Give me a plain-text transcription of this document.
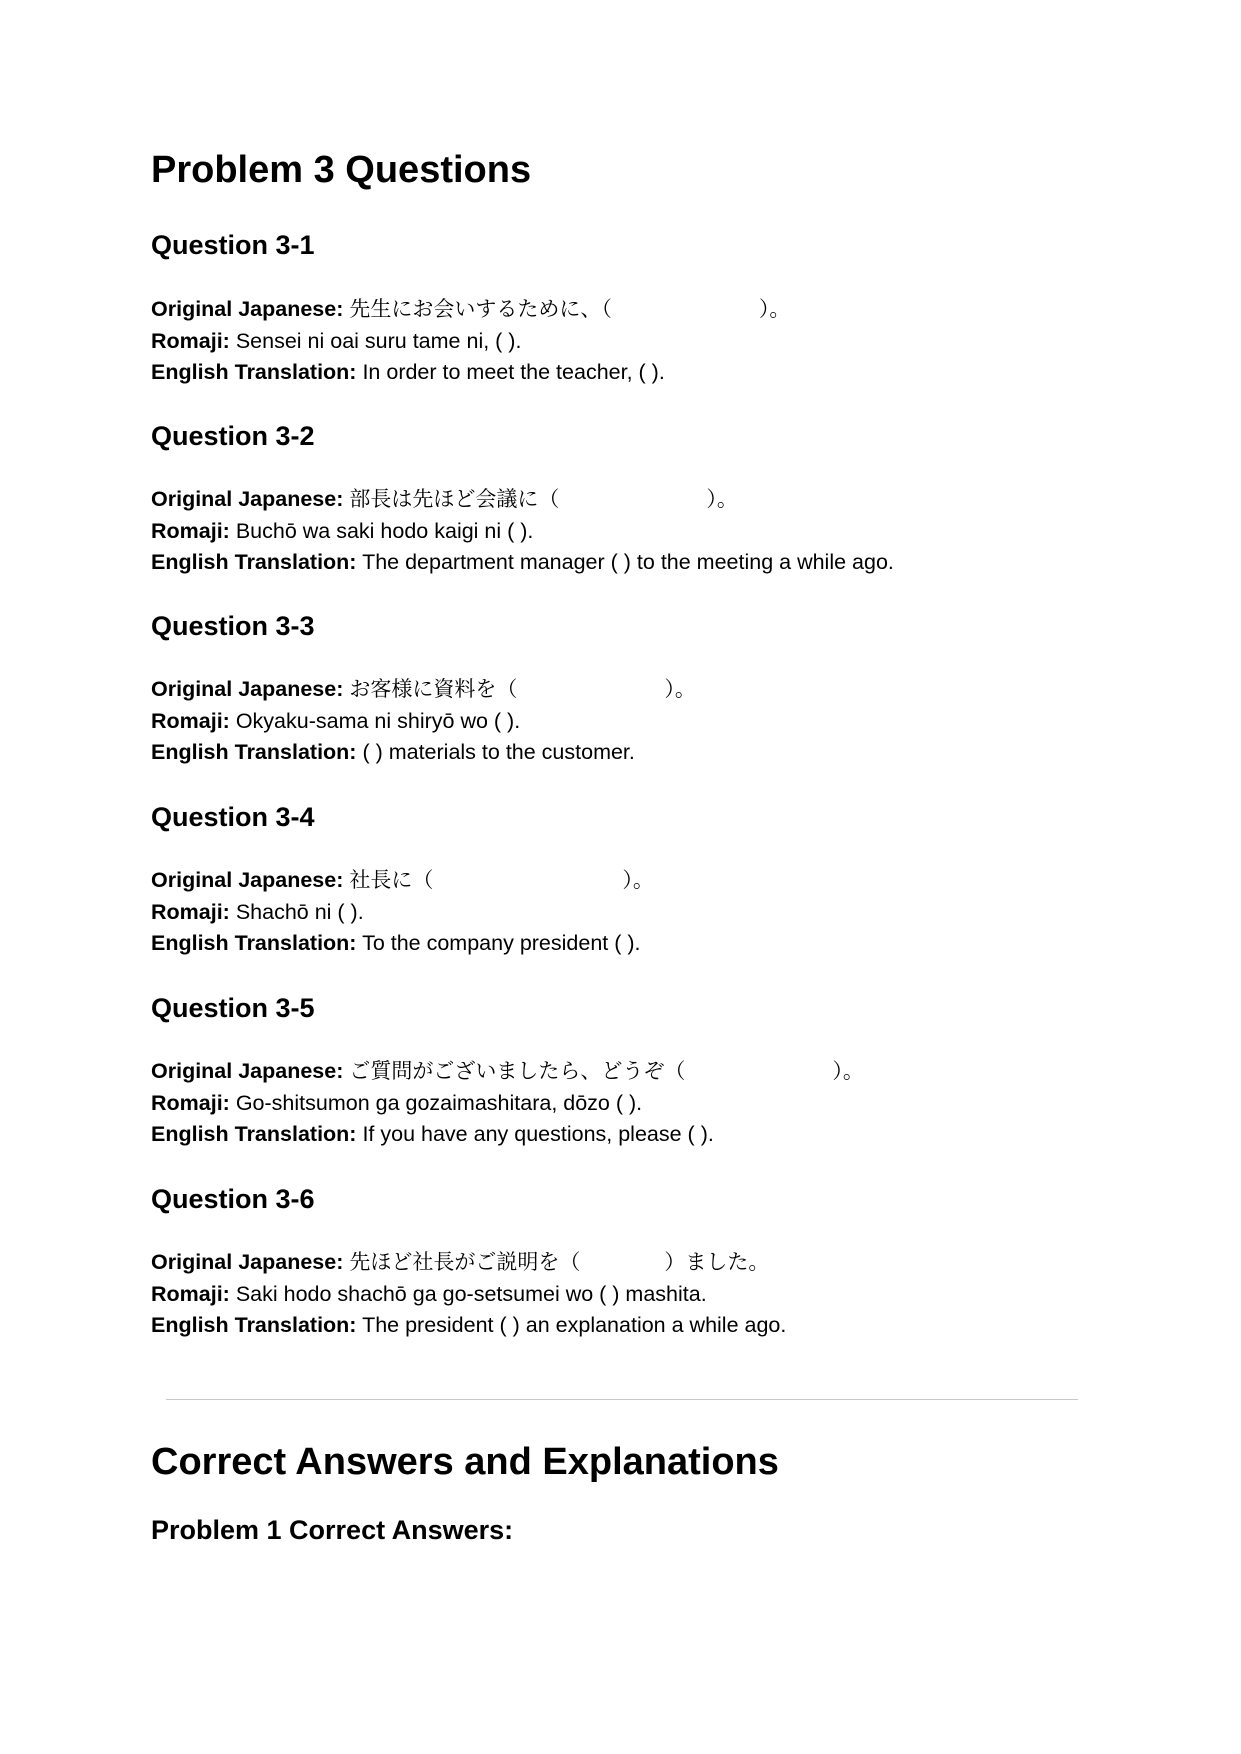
Problem 3 Questions
Question 3-1
Original Japanese: 先生にお会いするために、（　　　　　　　）。
Romaji: Sensei ni oai suru tame ni, ( ).
English Translation: In order to meet the teacher, ( ).
Question 3-2
Original Japanese: 部長は先ほど会議に（　　　　　　　）。
Romaji: Buchō wa saki hodo kaigi ni ( ).
English Translation: The department manager ( ) to the meeting a while ago.
Question 3-3
Original Japanese: お客様に資料を（　　　　　　　）。
Romaji: Okyaku-sama ni shiryō wo ( ).
English Translation: ( ) materials to the customer.
Question 3-4
Original Japanese: 社長に（　　　　　　　　　）。
Romaji: Shachō ni ( ).
English Translation: To the company president ( ).
Question 3-5
Original Japanese: ご質問がございましたら、どうぞ（　　　　　　　）。
Romaji: Go-shitsumon ga gozaimashitara, dōzo ( ).
English Translation: If you have any questions, please ( ).
Question 3-6
Original Japanese: 先ほど社長がご説明を（　　　　）ました。
Romaji: Saki hodo shachō ga go-setsumei wo ( ) mashita.
English Translation: The president ( ) an explanation a while ago.
Correct Answers and Explanations
Problem 1 Correct Answers:
